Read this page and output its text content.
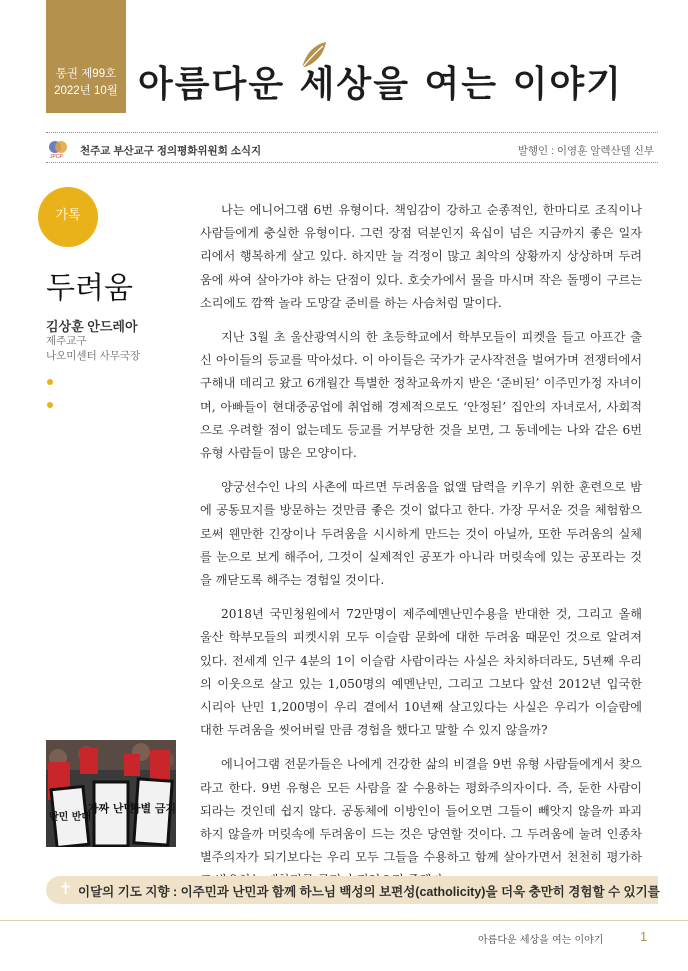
통권 제99호
2022년 10월 아름다운 세상을 여는 이야기
JPCP 천주교 부산교구 정의평화위원회 소식지	발행인 : 이영훈 알렉산델 신부
가톡
두려움
김상훈 안드레아
제주교구
나오미센터 사무국장
가짜 난민
차별 금지
난민 반대

나는 에니어그램 6번 유형이다. 책임감이 강하고 순종적인, 한마디로 조직이나 사람들에게 충실한 유형이다. 그런 장점 덕분인지 육십이 넘은 지금까지 좋은 일자리에서 행복하게 살고 있다. 하지만 늘 걱정이 많고 최악의 상황까지 상상하며 두려움에 싸여 살아가야 하는 단점이 있다. 호숫가에서 물을 마시며 작은 돌멩이 구르는 소리에도 깜짝 놀라 도망갈 준비를 하는 사슴처럼 말이다.

지난 3월 초 울산광역시의 한 초등학교에서 학부모들이 피켓을 들고 아프간 출신 아이들의 등교를 막아섰다. 이 아이들은 국가가 군사작전을 벌여가며 전쟁터에서 구해내 데리고 왔고 6개월간 특별한 정착교육까지 받은 ‘준비된’ 이주민가정 자녀이며, 아빠들이 현대중공업에 취업해 경제적으로도 ‘안정된’ 집안의 자녀로서, 사회적으로 우려할 점이 없는데도 등교를 거부당한 것을 보면, 그 동네에는 나와 같은 6번 유형 사람들이 많은 모양이다.

양궁선수인 나의 사촌에 따르면 두려움을 없앨 담력을 키우기 위한 훈련으로 밤에 공동묘지를 방문하는 것만큼 좋은 것이 없다고 한다. 가장 무서운 것을 체험함으로써 웬만한 긴장이나 두려움을 시시하게 만드는 것이 아닐까, 또한 두려움의 실체를 눈으로 보게 해주어, 그것이 실제적인 공포가 아니라 머릿속에 있는 공포라는 것을 깨닫도록 해주는 경험일 것이다.

2018년 국민청원에서 72만명이 제주예멘난민수용을 반대한 것, 그리고 올해 울산 학부모들의 피켓시위 모두 이슬람 문화에 대한 두려움 때문인 것으로 알려져 있다. 전세계 인구 4분의 1이 이슬람 사람이라는 사실은 차치하더라도, 5년째 우리의 이웃으로 살고 있는 1,050명의 예멘난민, 그리고 그보다 앞선 2012년 입국한 시리아 난민 1,200명이 우리 곁에서 10년째 살고있다는 사실은 우리가 이슬람에 대한 두려움을 씻어버릴 만큼 경험을 했다고 말할 수 있지 않을까?

에니어그램 전문가들은 나에게 건강한 삶의 비결을 9번 유형 사람들에게서 찾으라고 한다. 9번 유형은 모든 사람을 잘 수용하는 평화주의자이다. 즉, 둔한 사람이 되라는 것인데 쉽지 않다. 공동체에 이방인이 들어오면 그들이 빼앗지 않을까 파괴하지 않을까 머릿속에 두려움이 드는 것은 당연할 것이다. 그 두려움에 눌려 인종차별주의자가 되기보다는 우리 모두 그들을 수용하고 함께 살아가면서 천천히 평가하

✝ 이달의 기도 지향 : 이주민과 난민과 함께 하느님 백성의 보편성(catholicity)을 더욱 충만히 경험할 수 있기를
아름다운 세상을 여는 이야기	1
